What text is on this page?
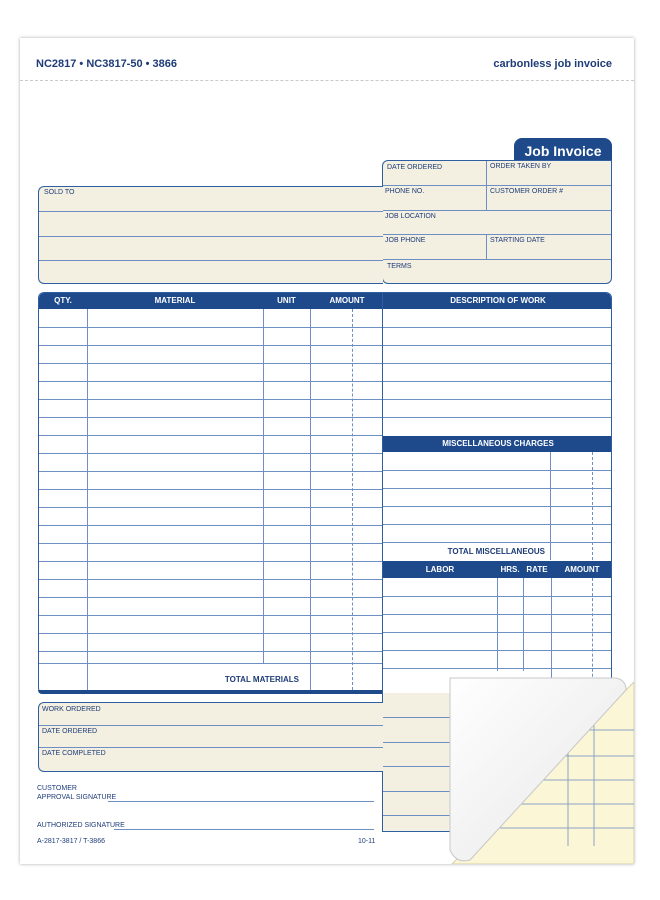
NC2817 • NC3817-50 • 3866	carbonless job invoice
Job Invoice
DATE ORDERED	ORDER TAKEN BY
PHONE NO.	CUSTOMER ORDER #
JOB LOCATION
JOB PHONE	STARTING DATE
TERMS
SOLD TO
QTY.	MATERIAL	UNIT	AMOUNT
TOTAL MATERIALS
DESCRIPTION OF WORK
MISCELLANEOUS CHARGES
TOTAL MISCELLANEOUS
LABOR	HRS. RATE	AMOUNT
WORK ORDERED
DATE ORDERED
DATE COMPLETED
CUSTOMER
APPROVAL SIGNATURE
AUTHORIZED SIGNATURE
A-2817-3817 / T-3866	10-11
